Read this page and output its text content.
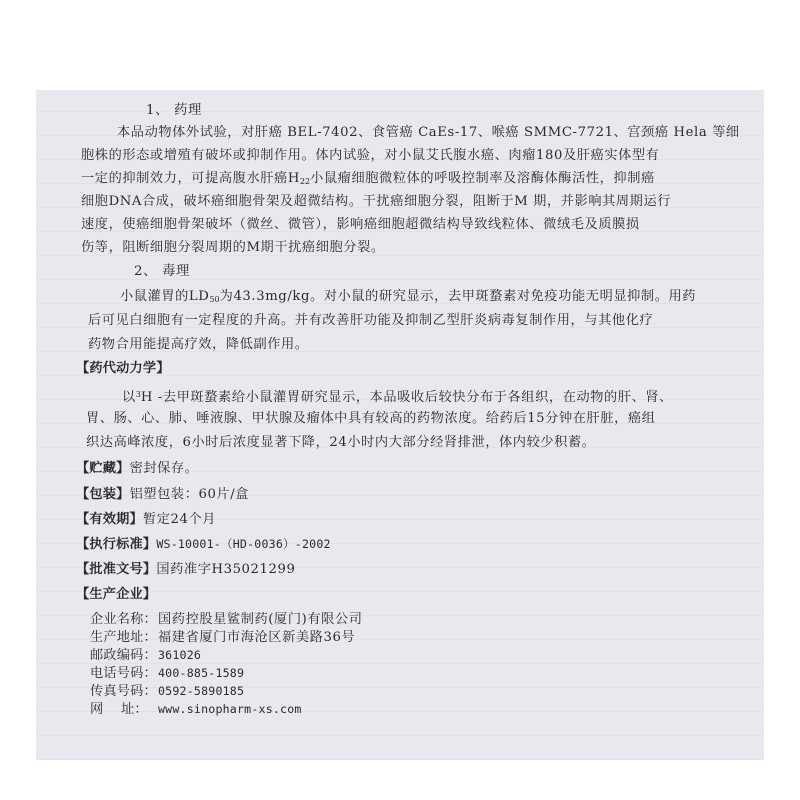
1、 药理
本品动物体外试验，对肝癌 BEL-7402、食管癌 CaEs-17、喉癌 SMMC-7721、宫颈癌 Hela 等细
胞株的形态或增殖有破坏或抑制作用。体内试验，对小鼠艾氏腹水癌、肉瘤180及肝癌实体型有
一定的抑制效力，可提高腹水肝癌$H_{22}$小鼠瘤细胞微粒体的呼吸控制率及溶酶体酶活性，抑制癌
细胞DNA合成，破坏癌细胞骨架及超微结构。干扰癌细胞分裂，阻断于M 期，并影响其周期运行
速度，使癌细胞骨架破坏（微丝、微管），影响癌细胞超微结构导致线粒体、微绒毛及质膜损
伤等，阻断细胞分裂周期的M期干扰癌细胞分裂。
2、 毒理
小鼠灌胃的$LD_{50}$为43.3mg/kg。对小鼠的研究显示，去甲斑蝥素对免疫功能无明显抑制。用药
后可见白细胞有一定程度的升高。并有改善肝功能及抑制乙型肝炎病毒复制作用，与其他化疗
药物合用能提高疗效，降低副作用。
【药代动力学】
以$^3$H -去甲斑蝥素给小鼠灌胃研究显示，本品吸收后较快分布于各组织，在动物的肝、肾、
胃、肠、心、肺、唾液腺、甲状腺及瘤体中具有较高的药物浓度。给药后15分钟在肝脏，癌组
织达高峰浓度，6小时后浓度显著下降，24小时内大部分经肾排泄，体内较少积蓄。
【贮藏】密封保存。
【包装】铝塑包装：60片/盒
【有效期】暂定24个月
【执行标准】WS-10001-（HD-0036）-2002
【批准文号】国药准字H35021299
【生产企业】
企业名称：国药控股星鲨制药(厦门)有限公司
生产地址：福建省厦门市海沧区新美路36号
邮政编码：361026
电话号码：400-885-1589
传真号码：0592-5890185
网    址： www.sinopharm-xs.com
